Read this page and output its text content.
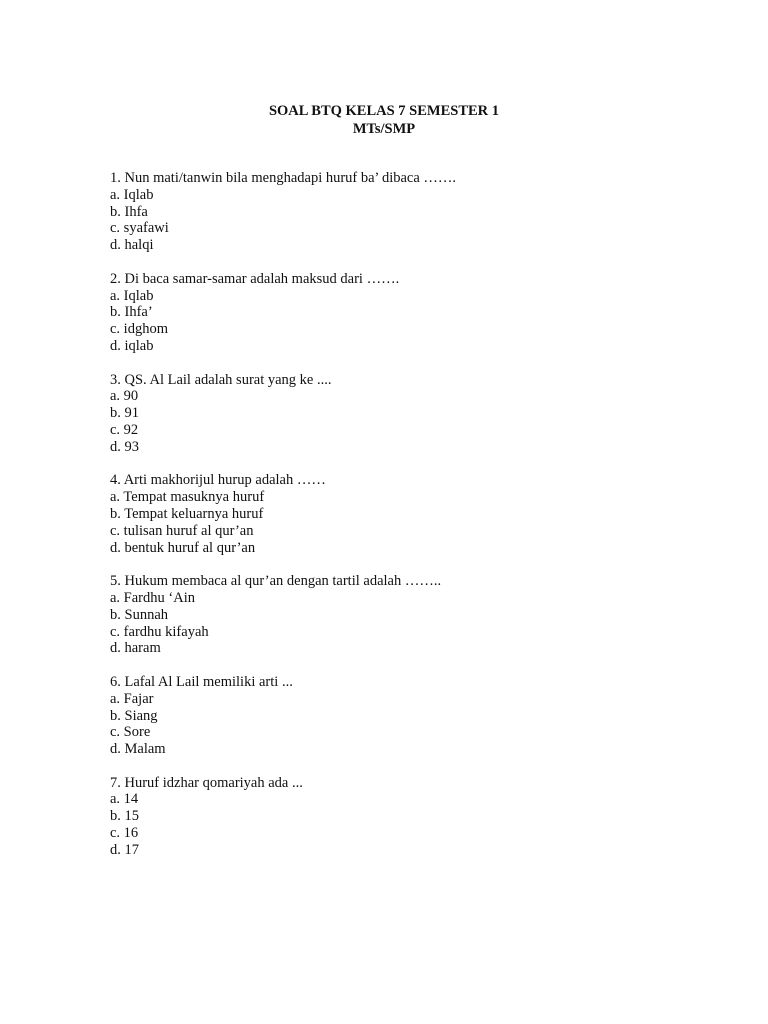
SOAL BTQ KELAS 7 SEMESTER 1
MTs/SMP
1. Nun mati/tanwin bila menghadapi huruf ba’ dibaca …….
a. Iqlab
b. Ihfa
c. syafawi
d. halqi
2. Di baca samar-samar adalah maksud dari …….
a. Iqlab
b. Ihfa’
c. idghom
d. iqlab
3. QS. Al Lail adalah surat yang ke ....
a. 90
b. 91
c. 92
d. 93
4. Arti makhorijul hurup adalah ……
a. Tempat masuknya huruf
b. Tempat keluarnya huruf
c. tulisan huruf al qur’an
d. bentuk huruf al qur’an
5. Hukum membaca al qur’an dengan tartil adalah ……..
a. Fardhu ‘Ain
b. Sunnah
c. fardhu kifayah
d. haram
6. Lafal Al Lail memiliki arti ...
a. Fajar
b. Siang
c. Sore
d. Malam
7. Huruf idzhar qomariyah ada ...
a. 14
b. 15
c. 16
d. 17
